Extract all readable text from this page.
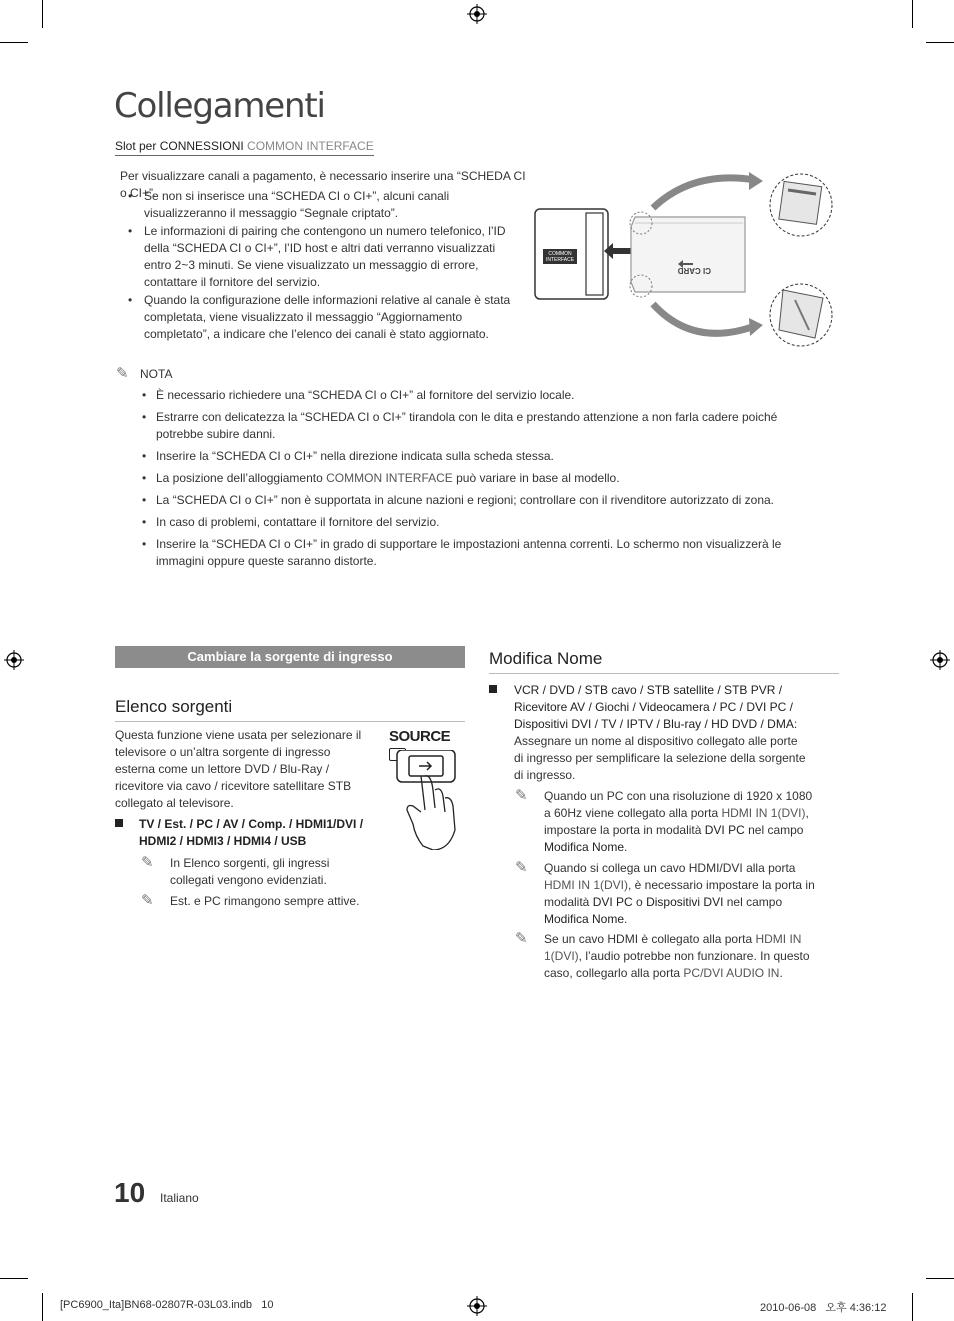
Collegamenti
Slot per CONNESSIONI COMMON INTERFACE
Per visualizzare canali a pagamento, è necessario inserire una “SCHEDA CI o CI+”.
• Se non si inserisce una “SCHEDA CI o CI+”, alcuni canali visualizzeranno il messaggio “Segnale criptato”.
• Le informazioni di pairing che contengono un numero telefonico, l’ID della “SCHEDA CI o CI+”, l’ID host e altri dati verranno visualizzati entro 2~3 minuti. Se viene visualizzato un messaggio di errore, contattare il fornitore del servizio.
• Quando la configurazione delle informazioni relative al canale è stata completata, viene visualizzato il messaggio “Aggiornamento completato”, a indicare che l’elenco dei canali è stato aggiornato.
COMMON
INTERFACE
CI CARD
✎ NOTA
• È necessario richiedere una “SCHEDA CI o CI+” al fornitore del servizio locale.
• Estrarre con delicatezza la “SCHEDA CI o CI+” tirandola con le dita e prestando attenzione a non farla cadere poiché potrebbe subire danni.
• Inserire la “SCHEDA CI o CI+” nella direzione indicata sulla scheda stessa.
• La posizione dell’alloggiamento COMMON INTERFACE può variare in base al modello.
• La “SCHEDA CI o CI+” non è supportata in alcune nazioni e regioni; controllare con il rivenditore autorizzato di zona.
• In caso di problemi, contattare il fornitore del servizio.
• Inserire la “SCHEDA CI o CI+” in grado di supportare le impostazioni antenna correnti. Lo schermo non visualizzerà le immagini oppure queste saranno distorte.
Cambiare la sorgente di ingresso
Elenco sorgenti
Questa funzione viene usata per selezionare il televisore o un’altra sorgente di ingresso esterna come un lettore DVD / Blu-Ray / ricevitore via cavo / ricevitore satellitare STB collegato al televisore.
SOURCE
TV / Est. / PC / AV / Comp. / HDMI1/DVI / HDMI2 / HDMI3 / HDMI4 / USB
✎ In Elenco sorgenti, gli ingressi collegati vengono evidenziati.
✎ Est. e PC rimangono sempre attive.
Modifica Nome
VCR / DVD / STB cavo / STB satellite / STB PVR / Ricevitore AV / Giochi / Videocamera / PC / DVI PC / Dispositivi DVI / TV / IPTV / Blu-ray / HD DVD / DMA: Assegnare un nome al dispositivo collegato alle porte di ingresso per semplificare la selezione della sorgente di ingresso.
✎ Quando un PC con una risoluzione di 1920 x 1080 a 60Hz viene collegato alla porta HDMI IN 1(DVI), impostare la porta in modalità DVI PC nel campo Modifica Nome.
✎ Quando si collega un cavo HDMI/DVI alla porta HDMI IN 1(DVI), è necessario impostare la porta in modalità DVI PC o Dispositivi DVI nel campo Modifica Nome.
✎ Se un cavo HDMI è collegato alla porta HDMI IN 1(DVI), l’audio potrebbe non funzionare. In questo caso, collegarlo alla porta PC/DVI AUDIO IN.
10 Italiano
[PC6900_Ita]BN68-02807R-03L03.indb   10	2010-06-08   오후 4:36:12
